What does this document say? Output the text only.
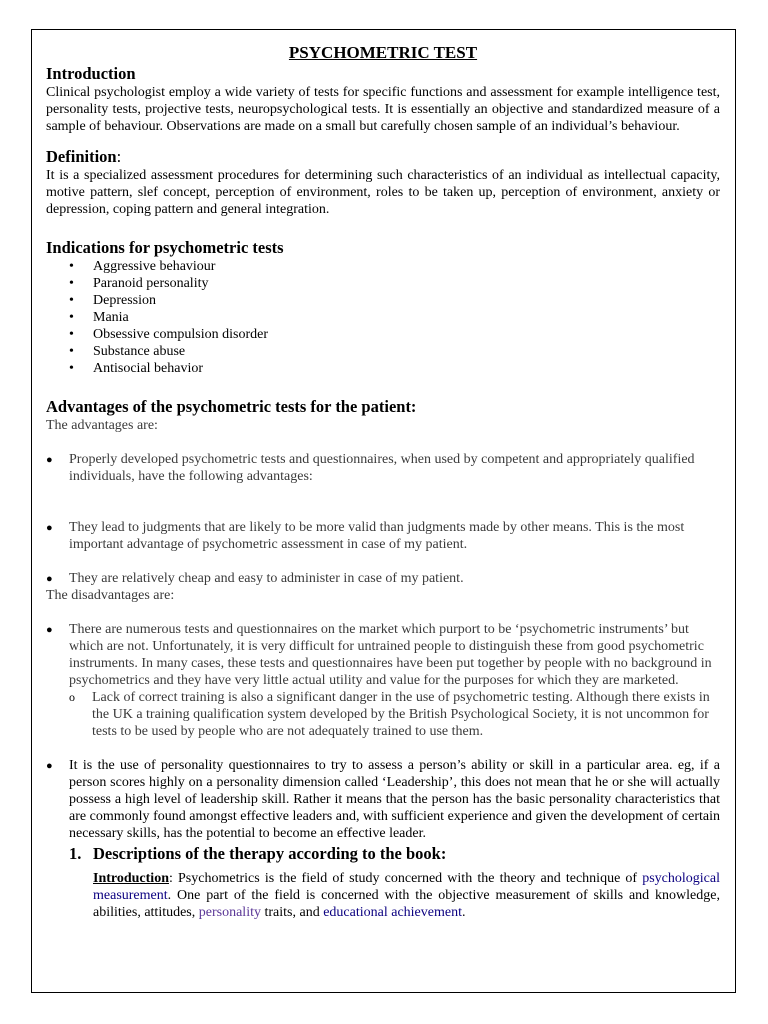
PSYCHOMETRIC TEST

Introduction

Clinical psychologist employ a wide variety of tests for specific functions and assessment for example intelligence test, personality tests, projective tests, neuropsychological tests. It is essentially an objective and standardized measure of a sample of behaviour. Observations are made on a small but carefully chosen sample of an individual’s behaviour.

Definition:

It is a specialized assessment procedures for determining such characteristics of an individual as intellectual capacity, motive pattern, slef concept, perception of environment, roles to be taken up, perception of environment, anxiety or depression, coping pattern and general integration.

Indications for psychometric tests
• Aggressive behaviour
• Paranoid personality
• Depression
• Mania
• Obsessive compulsion disorder
• Substance abuse
• Antisocial behavior
Advantages of the psychometric tests for the patient:

The advantages are:

● Properly developed psychometric tests and questionnaires, when used by competent and appropriately qualified individuals, have the following advantages:
● They lead to judgments that are likely to be more valid than judgments made by other means. This is the most important advantage of psychometric assessment in case of my patient.
● They are relatively cheap and easy to administer in case of my patient.

The disadvantages are:

● There are numerous tests and questionnaires on the market which purport to be ‘psychometric instruments’ but which are not. Unfortunately, it is very difficult for untrained people to distinguish these from good psychometric instruments. In many cases, these tests and questionnaires have been put together by people with no background in psychometrics and they have very little actual utility and value for the purposes for which they are marketed.
o Lack of correct training is also a significant danger in the use of psychometric testing. Although there exists in the UK a training qualification system developed by the British Psychological Society, it is not uncommon for tests to be used by people who are not adequately trained to use them.
● It is the use of personality questionnaires to try to assess a person’s ability or skill in a particular area. eg, if a person scores highly on a personality dimension called ‘Leadership’, this does not mean that he or she will actually possess a high level of leadership skill. Rather it means that the person has the basic personality characteristics that are commonly found amongst effective leaders and, with sufficient experience and given the development of certain necessary skills, has the potential to become an effective leader.
1. Descriptions of the therapy according to the book:

Introduction: Psychometrics is the field of study concerned with the theory and technique of psychological measurement. One part of the field is concerned with the objective measurement of skills and knowledge, abilities, attitudes, personality traits, and educational achievement.
